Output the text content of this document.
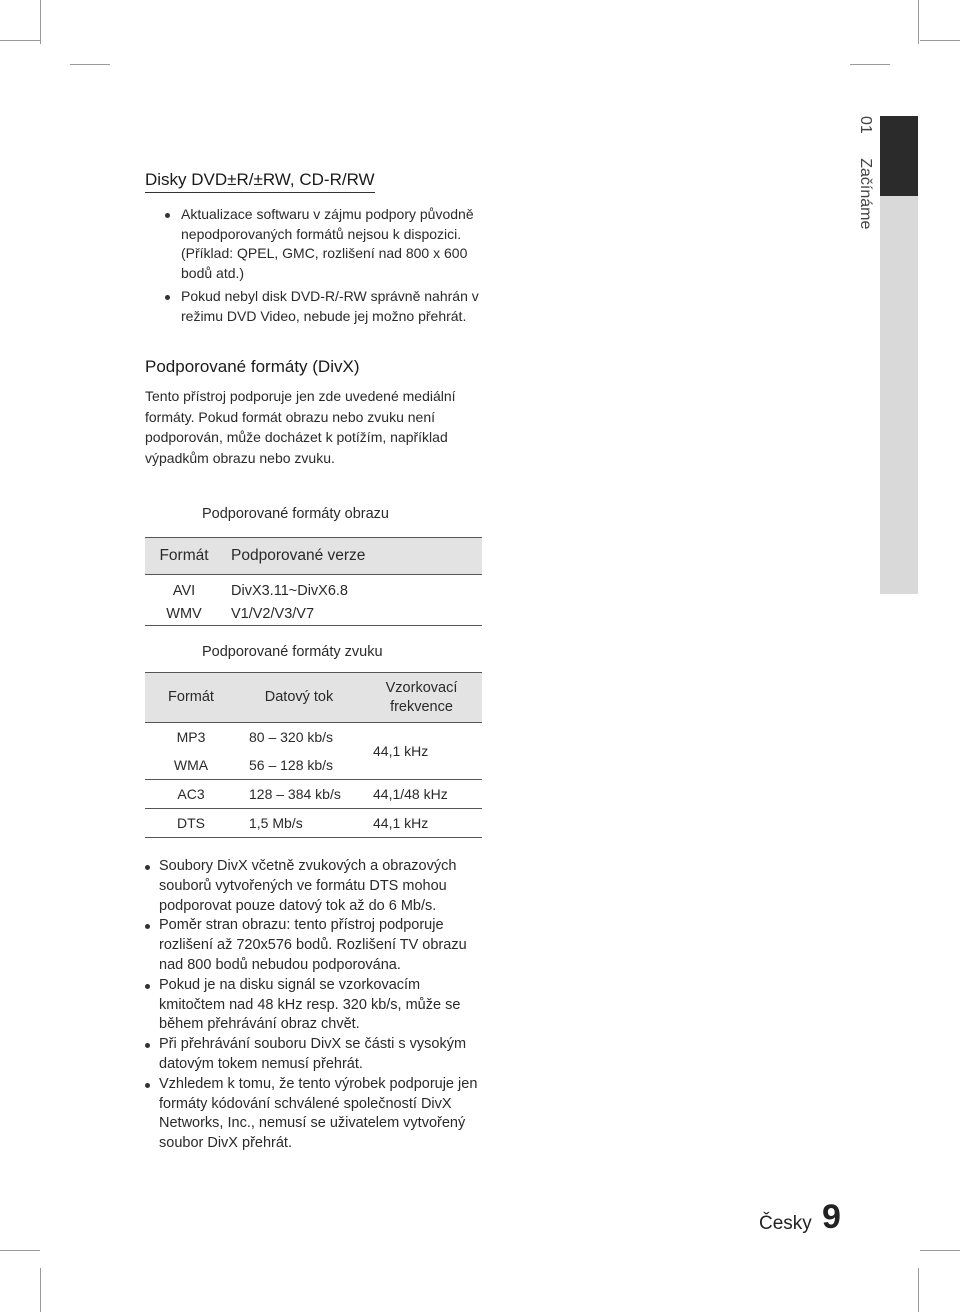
01 Začínáme
Disky DVD±R/±RW, CD-R/RW
Aktualizace softwaru v zájmu podpory původně nepodporovaných formátů nejsou k dispozici. (Příklad: QPEL, GMC, rozlišení nad 800 x 600 bodů atd.)
Pokud nebyl disk DVD-R/-RW správně nahrán v režimu DVD Video, nebude jej možno přehrát.
Podporované formáty (DivX)

Tento přístroj podporuje jen zde uvedené mediální formáty. Pokud formát obrazu nebo zvuku není podporován, může docházet k potížím, například výpadkům obrazu nebo zvuku.

Podporované formáty obrazu
Formát	Podporované verze
AVI	DivX3.11~DivX6.8
WMV	V1/V2/V3/V7
Podporované formáty zvuku
Formát	Datový tok	Vzorkovací frekvence
MP3	80 – 320 kb/s	44,1 kHz
WMA	56 – 128 kb/s	
AC3	128 – 384 kb/s	44,1/48 kHz
DTS	1,5 Mb/s	44,1 kHz
Soubory DivX včetně zvukových a obrazových souborů vytvořených ve formátu DTS mohou podporovat pouze datový tok až do 6 Mb/s.
Poměr stran obrazu: tento přístroj podporuje rozlišení až 720x576 bodů. Rozlišení TV obrazu nad 800 bodů nebudou podporována.
Pokud je na disku signál se vzorkovacím kmitočtem nad 48 kHz resp. 320 kb/s, může se během přehrávání obraz chvět.
Při přehrávání souboru DivX se části s vysokým datovým tokem nemusí přehrát.
Vzhledem k tomu, že tento výrobek podporuje jen formáty kódování schválené společností DivX Networks, Inc., nemusí se uživatelem vytvořený soubor DivX přehrát.
Česky 9
